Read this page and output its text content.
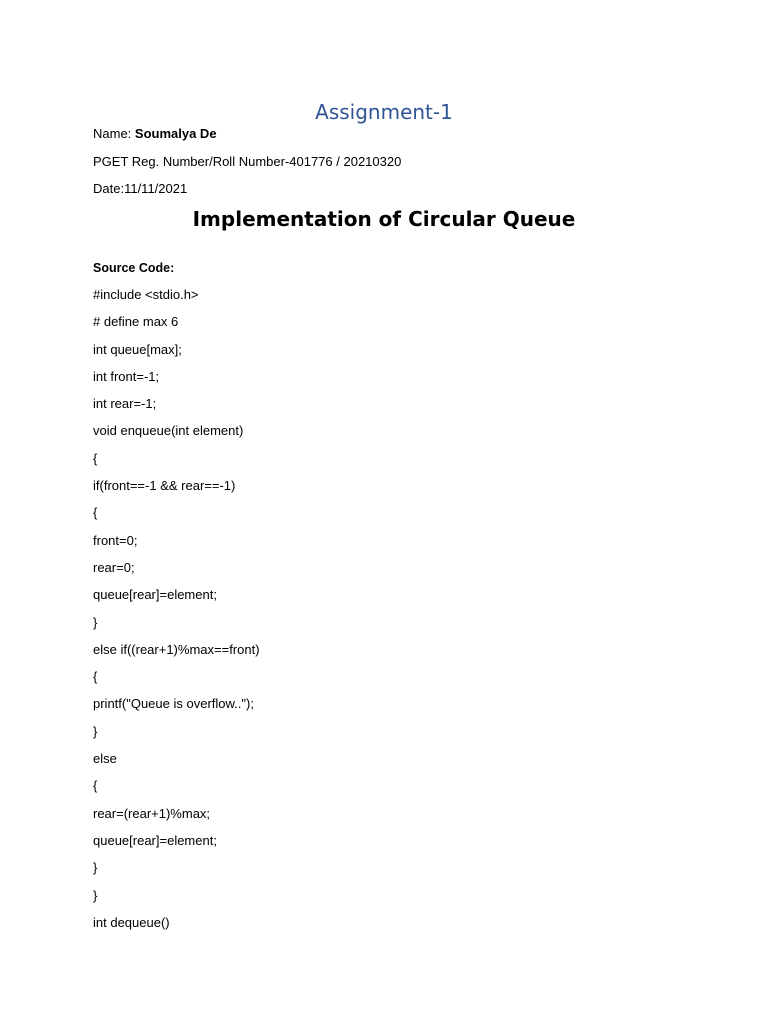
Assignment-1
Name: Soumalya De
PGET Reg. Number/Roll Number-401776 / 20210320
Date:11/11/2021
Implementation of Circular Queue
Source Code:
#include <stdio.h>
# define max 6
int queue[max];
int front=-1;
int rear=-1;
void enqueue(int element)
{
if(front==-1 && rear==-1)
{
front=0;
rear=0;
queue[rear]=element;
}
else if((rear+1)%max==front)
{
printf("Queue is overflow..");
}
else
{
rear=(rear+1)%max;
queue[rear]=element;
}
}
int dequeue()
